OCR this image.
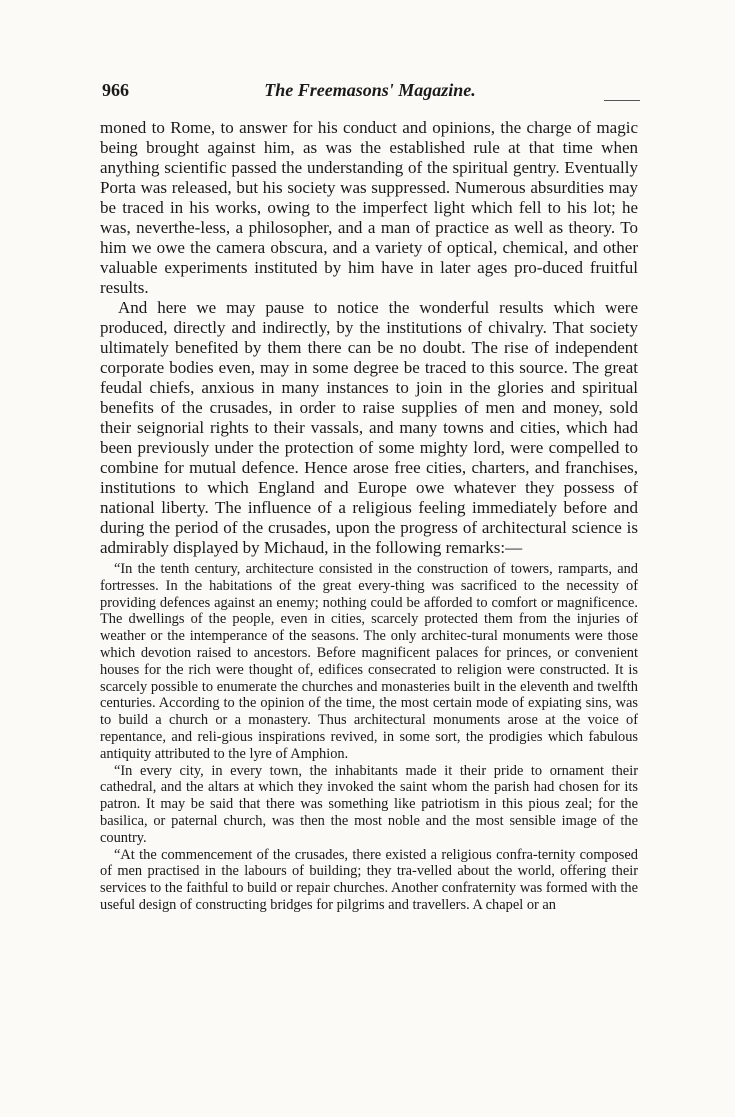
966	The Freemasons' Magazine.

moned to Rome, to answer for his conduct and opinions, the charge of magic being brought against him, as was the established rule at that time when anything scientific passed the understanding of the spiritual gentry. Eventually Porta was released, but his society was suppressed. Numerous absurdities may be traced in his works, owing to the imperfect light which fell to his lot; he was, neverthe-less, a philosopher, and a man of practice as well as theory. To him we owe the camera obscura, and a variety of optical, chemical, and other valuable experiments instituted by him have in later ages pro-duced fruitful results.

And here we may pause to notice the wonderful results which were produced, directly and indirectly, by the institutions of chivalry. That society ultimately benefited by them there can be no doubt. The rise of independent corporate bodies even, may in some degree be traced to this source. The great feudal chiefs, anxious in many instances to join in the glories and spiritual benefits of the crusades, in order to raise supplies of men and money, sold their seignorial rights to their vassals, and many towns and cities, which had been previously under the protection of some mighty lord, were compelled to combine for mutual defence. Hence arose free cities, charters, and franchises, institutions to which England and Europe owe whatever they possess of national liberty. The influence of a religious feeling immediately before and during the period of the crusades, upon the progress of architectural science is admirably displayed by Michaud, in the following remarks:—

“In the tenth century, architecture consisted in the construction of towers, ramparts, and fortresses. In the habitations of the great every-thing was sacrificed to the necessity of providing defences against an enemy; nothing could be afforded to comfort or magnificence. The dwellings of the people, even in cities, scarcely protected them from the injuries of weather or the intemperance of the seasons. The only architec-tural monuments were those which devotion raised to ancestors. Before magnificent palaces for princes, or convenient houses for the rich were thought of, edifices consecrated to religion were constructed. It is scarcely possible to enumerate the churches and monasteries built in the eleventh and twelfth centuries. According to the opinion of the time, the most certain mode of expiating sins, was to build a church or a monastery. Thus architectural monuments arose at the voice of repentance, and reli-gious inspirations revived, in some sort, the prodigies which fabulous antiquity attributed to the lyre of Amphion.

“In every city, in every town, the inhabitants made it their pride to ornament their cathedral, and the altars at which they invoked the saint whom the parish had chosen for its patron. It may be said that there was something like patriotism in this pious zeal; for the basilica, or paternal church, was then the most noble and the most sensible image of the country.

“At the commencement of the crusades, there existed a religious confra-ternity composed of men practised in the labours of building; they tra-velled about the world, offering their services to the faithful to build or repair churches. Another confraternity was formed with the useful design of constructing bridges for pilgrims and travellers. A chapel or an
